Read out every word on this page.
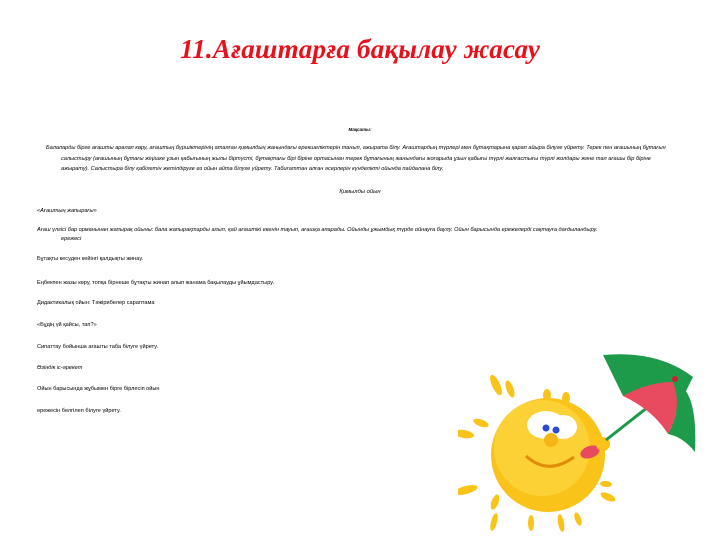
11.Ағаштарға бақылау жасау
Мақсаты:
Балаларды бірге ағашты аралап көру, ағаштың бүршіктерінің аталған қимылдың жанындағы ерекшеліктерін танып, ажырата білу. Ағаштардың түрлері мен бұтақтарына қарап айыра білуге үйрету. Терек пен ағашының бұтағын салыстыру (ағашының бұтағы жіңішке ұзын қабығының жылы біртүсті, бұтақтағы бірі біріне ортасынан терек бұтағының жанындағы жоғарыда ұзын қабығы түрлі жалғастығы түрлі жолдары және тал ағашы бір біріне ажырату). Салыстыра білу қабілетін жетілдіруге өз ойын айта білуге үйрету. Табиғаттан алған әсерлерін күнделікті ойында пайдалана білу.
Қимылды ойын
«Ағаштың жапырағы»
Ағаш үлгісі бар орманынан жапырақ ойыны: бала жапырақтарды алып, қай ағаштікі екенін тауып, ағашқа апарады. Ойынды ұжымдық түрде ойнауға баулу. Ойын барысында ережелерді сақтауға дағдыландыру.
ережесі
Бұтақты кесуден кейінгі қалдықты жинау.
Еңбекпен жазы көру, топқа бірнеше бұтақты жинап алып жанама бақылауды ұйымдастыру.
Дидактикалық ойын: Тәжірибелер сараптама
«Бұдің үй қайсы, тап?»
Сипаттау бойынша ағашты таба білуге үйрету.
Өзіндік іс-әрекет
Ойын барысында жұбымен бірге бірлесіп ойын
ережесін белгілеп білуге үйрету.
